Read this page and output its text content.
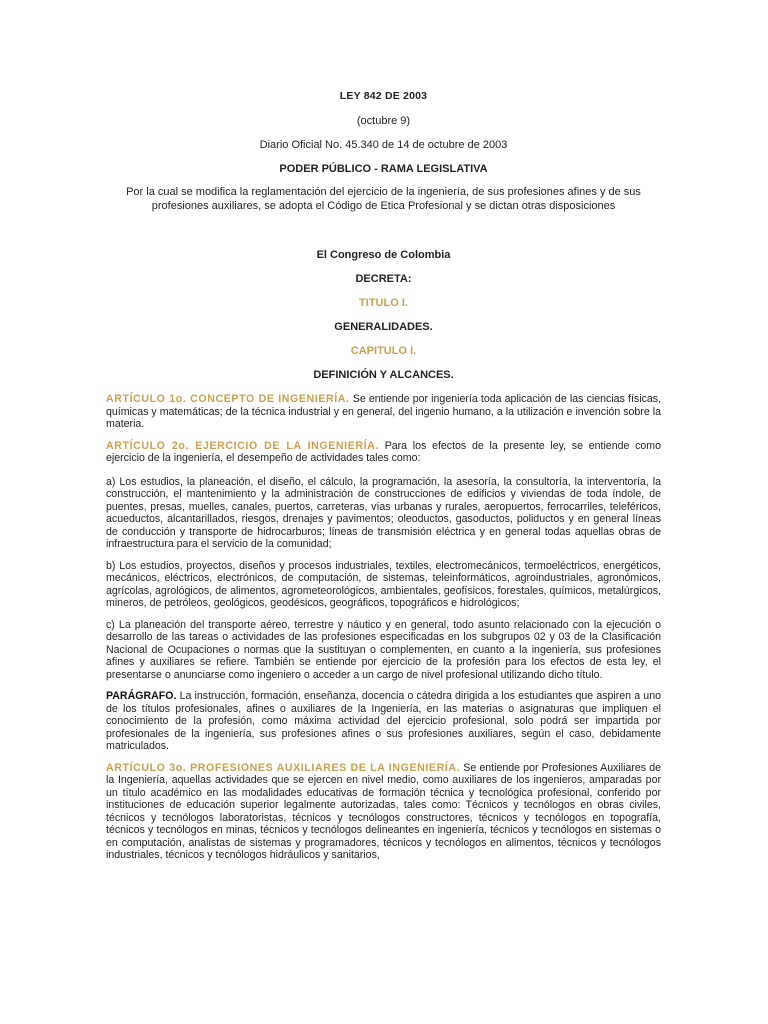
LEY 842 DE 2003

(octubre 9)

Diario Oficial No. 45.340 de 14 de octubre de 2003

PODER PÚBLICO - RAMA LEGISLATIVA

Por la cual se modifica la reglamentación del ejercicio de la ingeniería, de sus profesiones afines y de sus profesiones auxiliares, se adopta el Código de Etica Profesional y se dictan otras disposiciones

El Congreso de Colombia

DECRETA:

TITULO I.

GENERALIDADES.

CAPITULO I.

DEFINICIÓN Y ALCANCES.

ARTÍCULO 1o. CONCEPTO DE INGENIERÍA. Se entiende por ingeniería toda aplicación de las ciencias físicas, químicas y matemáticas; de la técnica industrial y en general, del ingenio humano, a la utilización e invención sobre la materia.

ARTÍCULO 2o. EJERCICIO DE LA INGENIERÍA. Para los efectos de la presente ley, se entiende como ejercicio de la ingeniería, el desempeño de actividades tales como:

a) Los estudios, la planeación, el diseño, el cálculo, la programación, la asesoría, la consultoría, la interventoría, la construcción, el mantenimiento y la administración de construcciones de edificios y viviendas de toda índole, de puentes, presas, muelles, canales, puertos, carreteras, vías urbanas y rurales, aeropuertos, ferrocarriles, teleféricos, acueductos, alcantarillados, riesgos, drenajes y pavimentos; oleoductos, gasoductos, poliductos y en general líneas de conducción y transporte de hidrocarburos; líneas de transmisión eléctrica y en general todas aquellas obras de infraestructura para el servicio de la comunidad;

b) Los estudios, proyectos, diseños y procesos industriales, textiles, electromecánicos, termoeléctricos, energéticos, mecánicos, eléctricos, electrónicos, de computación, de sistemas, teleinformáticos, agroindustriales, agronómicos, agrícolas, agrológicos, de alimentos, agrometeorológicos, ambientales, geofísicos, forestales, químicos, metalúrgicos, mineros, de petróleos, geológicos, geodésicos, geográficos, topográficos e hidrológicos;

c) La planeación del transporte aéreo, terrestre y náutico y en general, todo asunto relacionado con la ejecución o desarrollo de las tareas o actividades de las profesiones especificadas en los subgrupos 02 y 03 de la Clasificación Nacional de Ocupaciones o normas que la sustituyan o complementen, en cuanto a la ingeniería, sus profesiones afines y auxiliares se refiere. También se entiende por ejercicio de la profesión para los efectos de esta ley, el presentarse o anunciarse como ingeniero o acceder a un cargo de nivel profesional utilizando dicho título.

PARÁGRAFO. La instrucción, formación, enseñanza, docencia o cátedra dirigida a los estudiantes que aspiren a uno de los títulos profesionales, afines o auxiliares de la Ingeniería, en las materias o asignaturas que impliquen el conocimiento de la profesión, como máxima actividad del ejercicio profesional, solo podrá ser impartida por profesionales de la ingeniería, sus profesiones afines o sus profesiones auxiliares, según el caso, debidamente matriculados.

ARTÍCULO 3o. PROFESIONES AUXILIARES DE LA INGENIERÍA. Se entiende por Profesiones Auxiliares de la Ingeniería, aquellas actividades que se ejercen en nivel medio, como auxiliares de los ingenieros, amparadas por un título académico en las modalidades educativas de formación técnica y tecnológica profesional, conferido por instituciones de educación superior legalmente autorizadas, tales como: Técnicos y tecnólogos en obras civiles, técnicos y tecnólogos laboratoristas, técnicos y tecnólogos constructores, técnicos y tecnólogos en topografía, técnicos y tecnólogos en minas, técnicos y tecnólogos delineantes en ingeniería, técnicos y tecnólogos en sistemas o en computación, analistas de sistemas y programadores, técnicos y tecnólogos en alimentos, técnicos y tecnólogos industriales, técnicos y tecnólogos hidráulicos y sanitarios,
